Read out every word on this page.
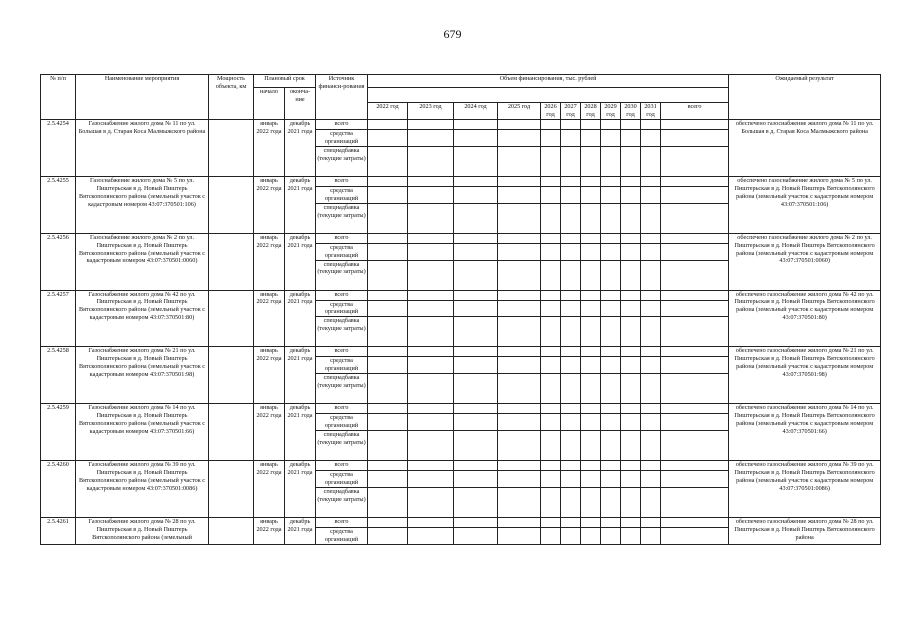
679
№ п/п	Наименование мероприятия	Мощность объекта, км	Плановый срок		Источник финанси-рования	Объем финансирования, тыс. рублей											Ожидаемый результат
			начало	оконча-ние													
						2022 год	2023 год	2024 год	2025 год	2026 год	2027 год	2028 год	2029 год	2030 год	2031 год	всего	
2.5.4254	Газоснабжение жилого дома № 11 по ул. Большая в д. Старая Коса Малмыжского района		январь 2022 года	декабрь 2021 года	всего												обеспечено газоснабжение жилого дома № 11 по ул. Большая в д. Старая Коса Малмыжского района
					средства организаций												
					спецнадбавка (текущие затраты)												
2.5.4255	Газоснабжение жилого дома № 5 по ул. Пиштерьская в д. Новый Пиштерь Вятскополянского района (земельный участок с кадастровым номером 43:07:370501:106)		январь 2022 года	декабрь 2021 года	всего												обеспечено газоснабжение жилого дома № 5 по ул. Пиштерьская в д. Новый Пиштерь Вятскополянского района (земельный участок с кадастровым номером 43:07:370501:106)
					средства организаций												
					спецнадбавка (текущие затраты)												
2.5.4256	Газоснабжение жилого дома № 2 по ул. Пиштерьская в д. Новый Пиштерь Вятскополянского района (земельный участок с кадастровым номером 43:07:370501:0060)		январь 2022 года	декабрь 2021 года	всего												обеспечено газоснабжение жилого дома № 2 по ул. Пиштерьская в д. Новый Пиштерь Вятскополянского района (земельный участок с кадастровым номером 43:07:370501:0060)
					средства организаций												
					спецнадбавка (текущие затраты)												
2.5.4257	Газоснабжение жилого дома № 42 по ул. Пиштерьская в д. Новый Пиштерь Вятскополянского района (земельный участок с кадастровым номером 43:07:370501:80)		январь 2022 года	декабрь 2021 года	всего												обеспечено газоснабжение жилого дома № 42 по ул. Пиштерьская в д. Новый Пиштерь Вятскополянского района (земельный участок с кадастровым номером 43:07:370501:80)
					средства организаций												
					спецнадбавка (текущие затраты)												
2.5.4258	Газоснабжение жилого дома № 21 по ул. Пиштерьская в д. Новый Пиштерь Вятскополянского района (земельный участок с кадастровым номером 43:07:370501:98)		январь 2022 года	декабрь 2021 года	всего												обеспечено газоснабжение жилого дома № 21 по ул. Пиштерьская в д. Новый Пиштерь Вятскополянского района (земельный участок с кадастровым номером 43:07:370501:98)
					средства организаций												
					спецнадбавка (текущие затраты)												
2.5.4259	Газоснабжение жилого дома № 14 по ул. Пиштерьская в д. Новый Пиштерь Вятскополянского района (земельный участок с кадастровым номером 43:07:370501:66)		январь 2022 года	декабрь 2021 года	всего												обеспечено газоснабжение жилого дома № 14 по ул. Пиштерьская в д. Новый Пиштерь Вятскополянского района (земельный участок с кадастровым номером 43:07:370501:66)
					средства организаций												
					спецнадбавка (текущие затраты)												
2.5.4260	Газоснабжение жилого дома № 39 по ул. Пиштерьская в д. Новый Пиштерь Вятскополянского района (земельный участок с кадастровым номером 43:07:370501:0086)		январь 2022 года	декабрь 2021 года	всего												обеспечено газоснабжение жилого дома № 39 по ул. Пиштерьская в д. Новый Пиштерь Вятскополянского района (земельный участок с кадастровым номером 43:07:370501:0086)
					средства организаций												
					спецнадбавка (текущие затраты)												
2.5.4261	Газоснабжение жилого дома № 28 по ул. Пиштерьская в д. Новый Пиштерь Вятскополянского района (земельный		январь 2022 года	декабрь 2021 года	всего												обеспечено газоснабжение жилого дома № 28 по ул. Пиштерьская в д. Новый Пиштерь Вятскополянского района
					средства организаций												
